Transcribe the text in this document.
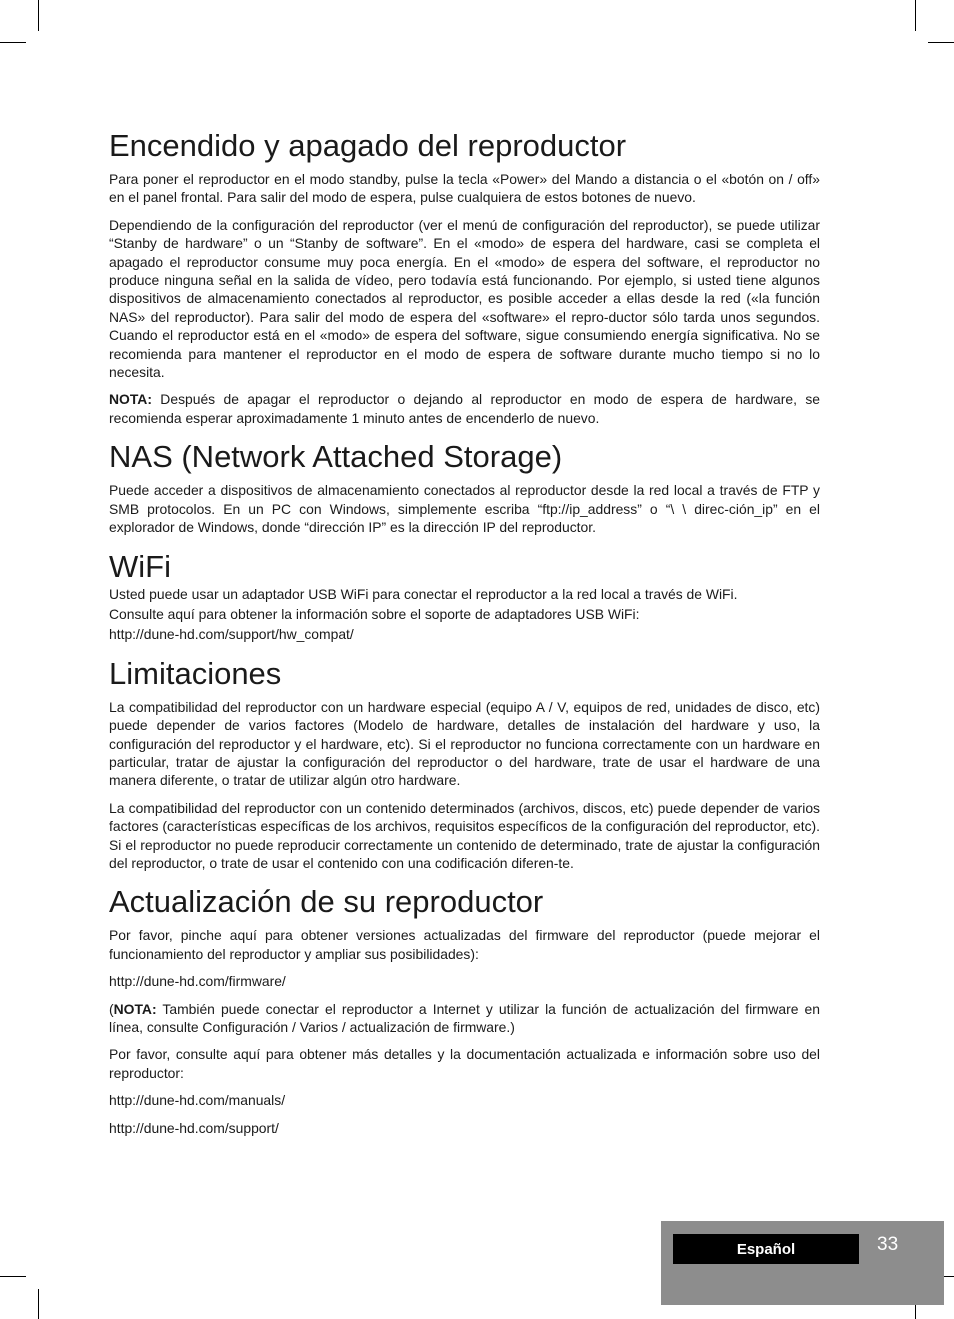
Encendido y apagado del reproductor

Para poner el reproductor en el modo standby, pulse la tecla «Power» del Mando a distancia o el «botón on / off» en el panel frontal. Para salir del modo de espera, pulse cualquiera de estos botones de nuevo.

Dependiendo de la configuración del reproductor (ver el menú de configuración del reproductor), se puede utilizar “Stanby de hardware” o un “Stanby de software”. En el «modo» de espera del hardware, casi se completa el apagado el reproductor consume muy poca energía. En el «modo» de espera del software, el reproductor no produce ninguna señal en la salida de vídeo, pero todavía está funcionando. Por ejemplo, si usted tiene algunos dispositivos de almacenamiento conectados al reproductor, es posible acceder a ellas desde la red («la función NAS» del reproductor). Para salir del modo de espera del «software» el repro-ductor sólo tarda unos segundos. Cuando el reproductor está en el «modo» de espera del software, sigue consumiendo energía significativa. No se recomienda para mantener el reproductor en el modo de espera de software durante mucho tiempo si no lo necesita.

NOTA: Después de apagar el reproductor o dejando al reproductor en modo de espera de hardware, se recomienda esperar aproximadamente 1 minuto antes de encenderlo de nuevo.

NAS (Network Attached Storage)

Puede acceder a dispositivos de almacenamiento conectados al reproductor desde la red local a través de FTP y SMB protocolos. En un PC con Windows, simplemente escriba “ftp://ip_address” o “\ \ direc-ción_ip” en el explorador de Windows, donde “dirección IP” es la dirección IP del reproductor.

WiFi

Usted puede usar un adaptador USB WiFi para conectar el reproductor a la red local a través de WiFi.

Consulte aquí para obtener la información sobre el soporte de adaptadores USB WiFi:

http://dune-hd.com/support/hw_compat/

Limitaciones

La compatibilidad del reproductor con un hardware especial (equipo A / V, equipos de red, unidades de disco, etc) puede depender de varios factores (Modelo de hardware, detalles de instalación del hardware y uso, la configuración del reproductor y el hardware, etc). Si el reproductor no funciona correctamente con un hardware en particular, tratar de ajustar la configuración del reproductor o del hardware, trate de usar el hardware de una manera diferente, o tratar de utilizar algún otro hardware.

La compatibilidad del reproductor con un contenido determinados (archivos, discos, etc) puede depender de varios factores (características específicas de los archivos, requisitos específicos de la configuración del reproductor, etc). Si el reproductor no puede reproducir correctamente un contenido de determinado, trate de ajustar la configuración del reproductor, o trate de usar el contenido con una codificación diferen-te.

Actualización de su reproductor

Por favor, pinche aquí para obtener versiones actualizadas del firmware del reproductor (puede mejorar el funcionamiento del reproductor y ampliar sus posibilidades):

http://dune-hd.com/firmware/

(NOTA: También puede conectar el reproductor a Internet y utilizar la función de actualización del firmware en línea, consulte Configuración / Varios / actualización de firmware.)

Por favor, consulte aquí para obtener más detalles y la documentación actualizada e información sobre uso del reproductor:

http://dune-hd.com/manuals/

http://dune-hd.com/support/

Español	33
